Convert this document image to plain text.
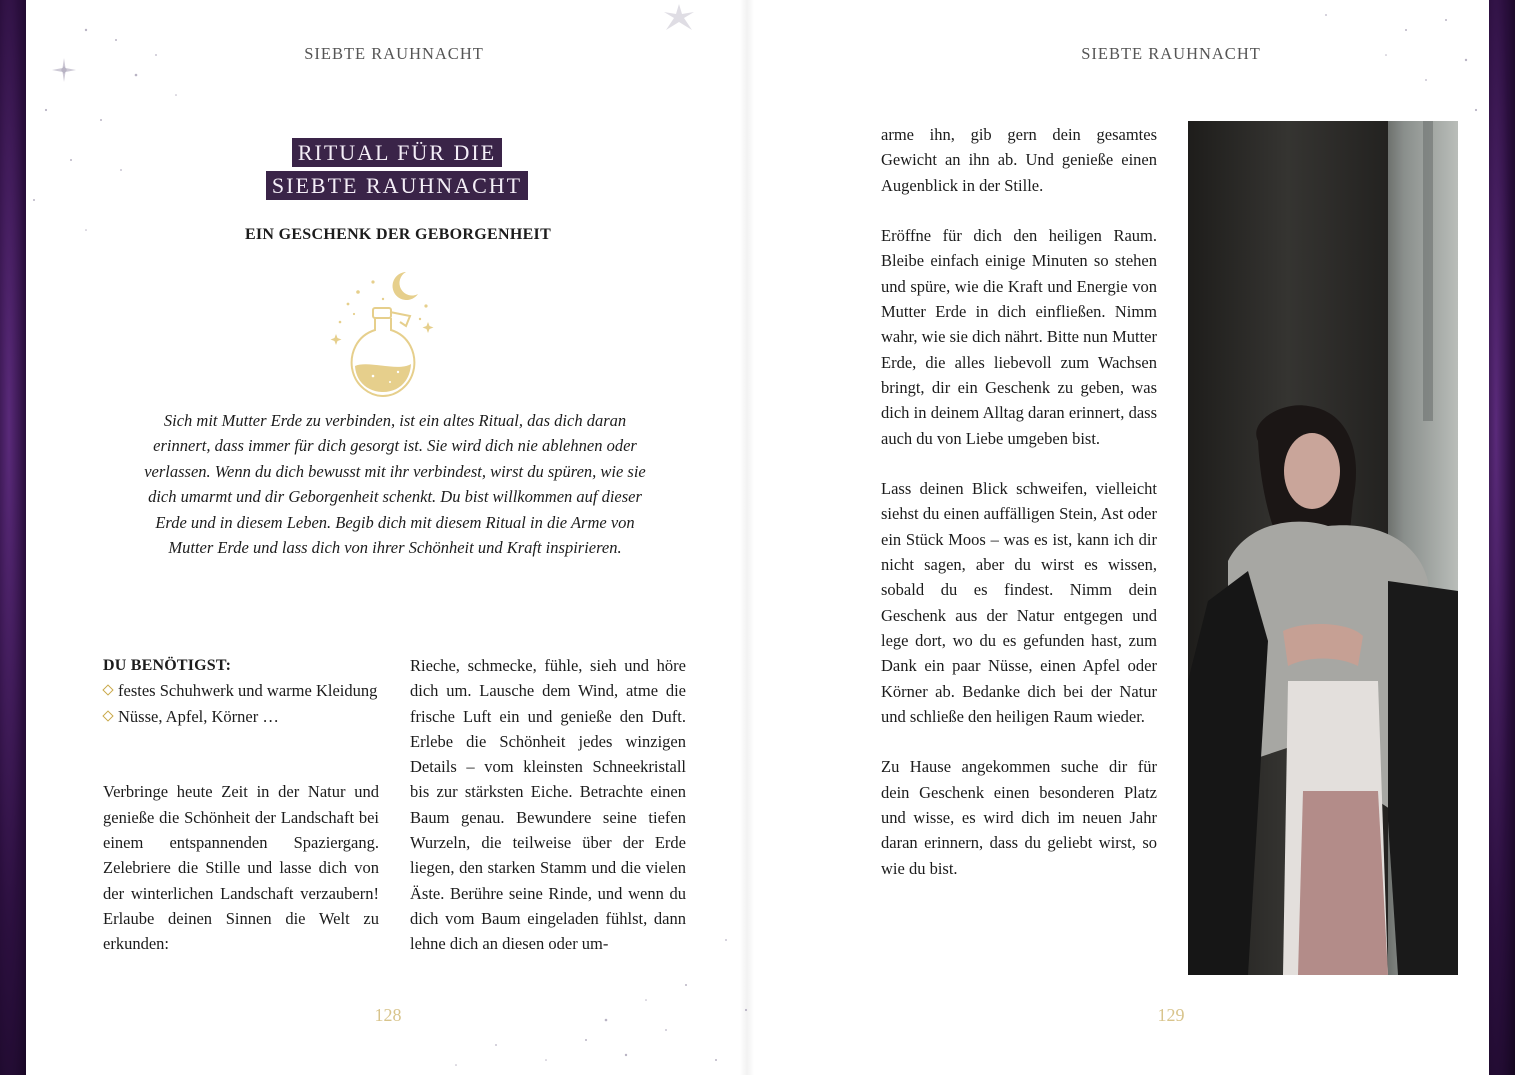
SIEBTE RAUHNACHT	SIEBTE RAUHNACHT
RITUAL FÜR DIE
SIEBTE RAUHNACHT
EIN GESCHENK DER GEBORGENHEIT

Sich mit Mutter Erde zu verbinden, ist ein altes Ritual, das dich daran erinnert, dass immer für dich gesorgt ist. Sie wird dich nie ablehnen oder verlassen. Wenn du dich bewusst mit ihr verbindest, wirst du spüren, wie sie dich umarmt und dir Geborgenheit schenkt. Du bist willkommen auf dieser Erde und in diesem Leben. Begib dich mit diesem Ritual in die Arme von Mutter Erde und lass dich von ihrer Schönheit und Kraft inspirieren.

DU BENÖTIGST:
festes Schuhwerk und warme Kleidung
Nüsse, Apfel, Körner …

Verbringe heute Zeit in der Natur und genieße die Schönheit der Landschaft bei einem entspannenden Spaziergang. Zelebriere die Stille und lasse dich von der winterlichen Landschaft verzaubern! Erlaube deinen Sinnen die Welt zu erkunden:

Rieche, schmecke, fühle, sieh und höre dich um. Lausche dem Wind, atme die frische Luft ein und genieße den Duft. Erlebe die Schönheit jedes winzigen Details – vom kleinsten Schneekristall bis zur stärksten Eiche. Betrachte einen Baum genau. Bewundere seine tiefen Wurzeln, die teilweise über der Erde liegen, den starken Stamm und die vielen Äste. Berühre seine Rinde, und wenn du dich vom Baum eingeladen fühlst, dann lehne dich an diesen oder um-

arme ihn, gib gern dein gesamtes Gewicht an ihn ab. Und genieße einen Augenblick in der Stille.

Eröffne für dich den heiligen Raum. Bleibe einfach einige Minuten so stehen und spüre, wie die Kraft und Energie von Mutter Erde in dich einfließen. Nimm wahr, wie sie dich nährt. Bitte nun Mutter Erde, die alles liebevoll zum Wachsen bringt, dir ein Geschenk zu geben, was dich in deinem Alltag daran erinnert, dass auch du von Liebe umgeben bist.

Lass deinen Blick schweifen, vielleicht siehst du einen auffälligen Stein, Ast oder ein Stück Moos – was es ist, kann ich dir nicht sagen, aber du wirst es wissen, sobald du es findest. Nimm dein Geschenk aus der Natur entgegen und lege dort, wo du es gefunden hast, zum Dank ein paar Nüsse, einen Apfel oder Körner ab. Bedanke dich bei der Natur und schließe den heiligen Raum wieder.

Zu Hause angekommen suche dir für dein Geschenk einen besonderen Platz und wisse, es wird dich im neuen Jahr daran erinnern, dass du geliebt wirst, so wie du bist.

128	129
